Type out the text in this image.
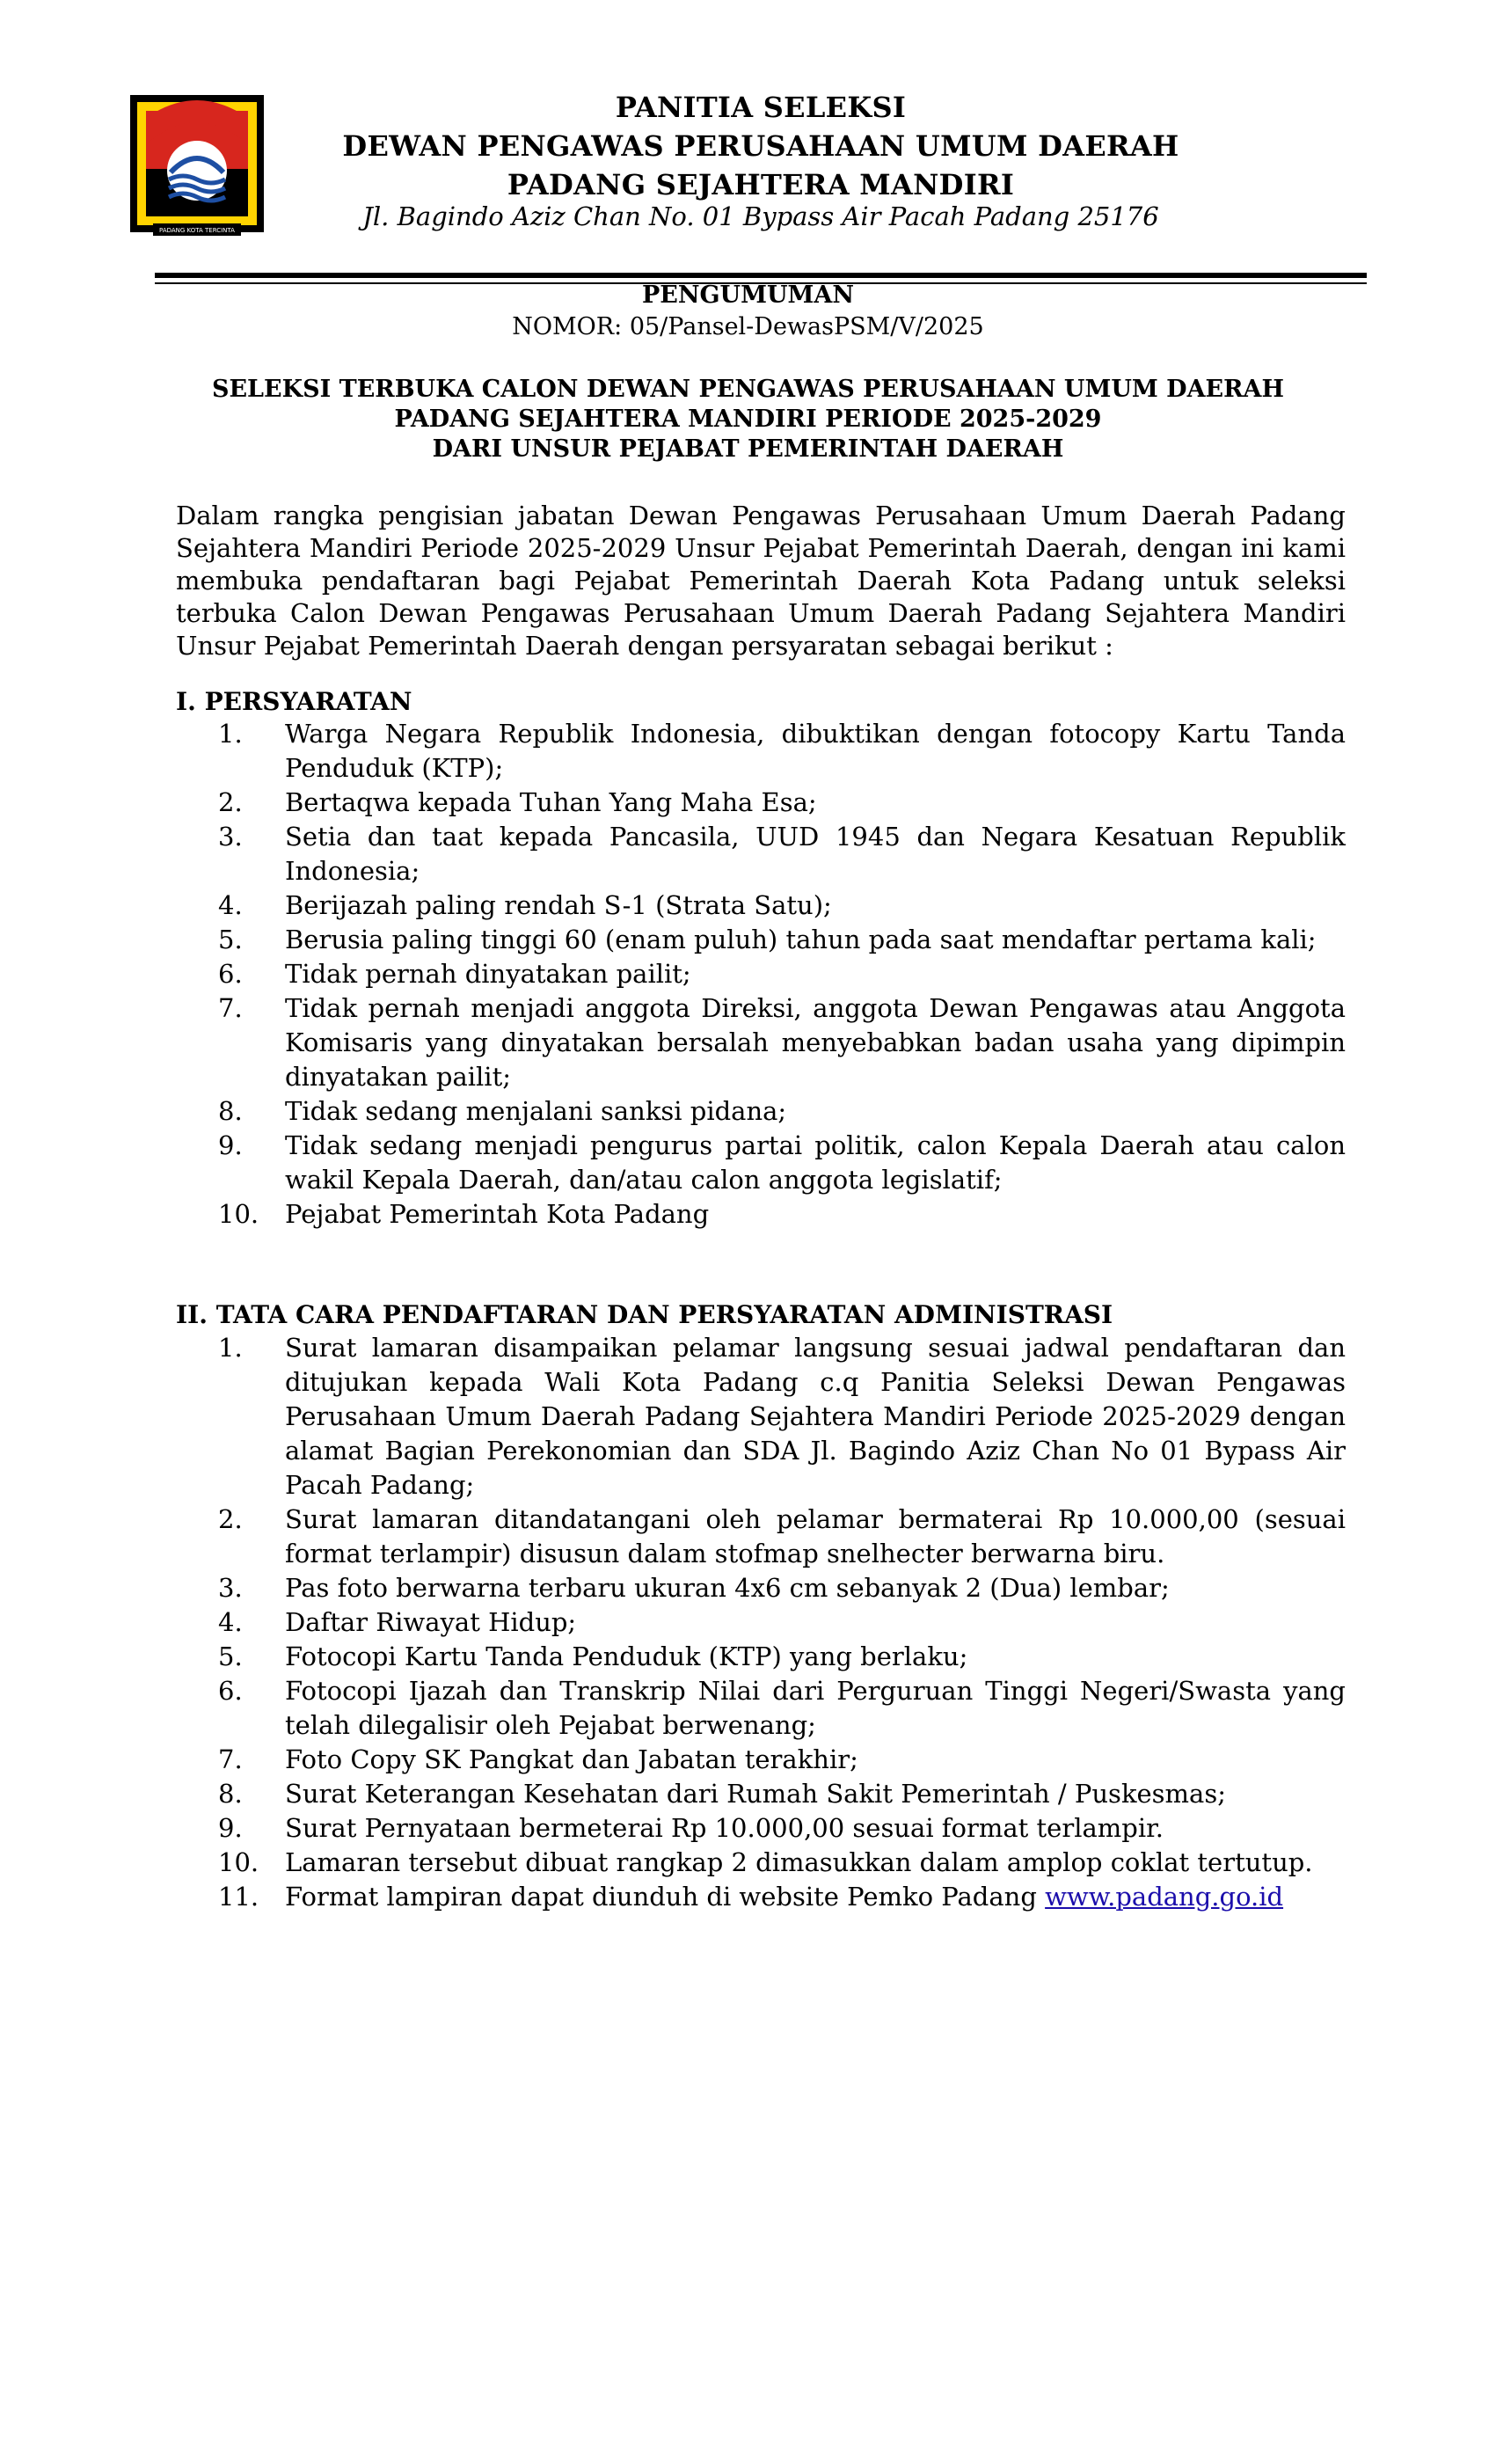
PADANG KOTA TERCINTA
PANITIA SELEKSI
DEWAN PENGAWAS PERUSAHAAN UMUM DAERAH
PADANG SEJAHTERA MANDIRI
Jl. Bagindo Aziz Chan No. 01 Bypass Air Pacah Padang 25176
PENGUMUMAN
NOMOR: 05/Pansel-DewasPSM/V/2025
SELEKSI TERBUKA CALON DEWAN PENGAWAS PERUSAHAAN UMUM DAERAH
PADANG SEJAHTERA MANDIRI PERIODE 2025-2029
DARI UNSUR PEJABAT PEMERINTAH DAERAH
Dalam rangka pengisian jabatan Dewan Pengawas Perusahaan Umum Daerah Padang Sejahtera Mandiri Periode 2025-2029 Unsur Pejabat Pemerintah Daerah, dengan ini kami membuka pendaftaran bagi Pejabat Pemerintah Daerah Kota Padang untuk seleksi terbuka Calon Dewan Pengawas Perusahaan Umum Daerah Padang Sejahtera Mandiri Unsur Pejabat Pemerintah Daerah dengan persyaratan sebagai berikut :
I. PERSYARATAN
1.	Warga Negara Republik Indonesia, dibuktikan dengan fotocopy Kartu Tanda Penduduk (KTP);
2.	Bertaqwa kepada Tuhan Yang Maha Esa;
3.	Setia dan taat kepada Pancasila, UUD 1945 dan Negara Kesatuan Republik Indonesia;
4.	Berijazah paling rendah S-1 (Strata Satu);
5.	Berusia paling tinggi 60 (enam puluh) tahun pada saat mendaftar pertama kali;
6.	Tidak pernah dinyatakan pailit;
7.	Tidak pernah menjadi anggota Direksi, anggota Dewan Pengawas atau Anggota Komisaris yang dinyatakan bersalah menyebabkan badan usaha yang dipimpin dinyatakan pailit;
8.	Tidak sedang menjalani sanksi pidana;
9.	Tidak sedang menjadi pengurus partai politik, calon Kepala Daerah atau calon wakil Kepala Daerah, dan/atau calon anggota legislatif;
10.	Pejabat Pemerintah Kota Padang
II. TATA CARA PENDAFTARAN DAN PERSYARATAN ADMINISTRASI
1.	Surat lamaran disampaikan pelamar langsung sesuai jadwal pendaftaran dan ditujukan kepada Wali Kota Padang c.q Panitia Seleksi Dewan Pengawas Perusahaan Umum Daerah Padang Sejahtera Mandiri Periode 2025-2029 dengan alamat Bagian Perekonomian dan SDA Jl. Bagindo Aziz Chan No 01 Bypass Air Pacah Padang;
2.	Surat lamaran ditandatangani oleh pelamar bermaterai Rp 10.000,00 (sesuai format terlampir) disusun dalam stofmap snelhecter berwarna biru.
3.	Pas foto berwarna terbaru ukuran 4x6 cm sebanyak 2 (Dua) lembar;
4.	Daftar Riwayat Hidup;
5.	Fotocopi Kartu Tanda Penduduk (KTP) yang berlaku;
6.	Fotocopi Ijazah dan Transkrip Nilai dari Perguruan Tinggi Negeri/Swasta yang telah dilegalisir oleh Pejabat berwenang;
7.	Foto Copy SK Pangkat dan Jabatan terakhir;
8.	Surat Keterangan Kesehatan dari Rumah Sakit Pemerintah / Puskesmas;
9.	Surat Pernyataan bermeterai Rp 10.000,00 sesuai format terlampir.
10.	Lamaran tersebut dibuat rangkap 2 dimasukkan dalam amplop coklat tertutup.
11.	Format lampiran dapat diunduh di website Pemko Padang www.padang.go.id
